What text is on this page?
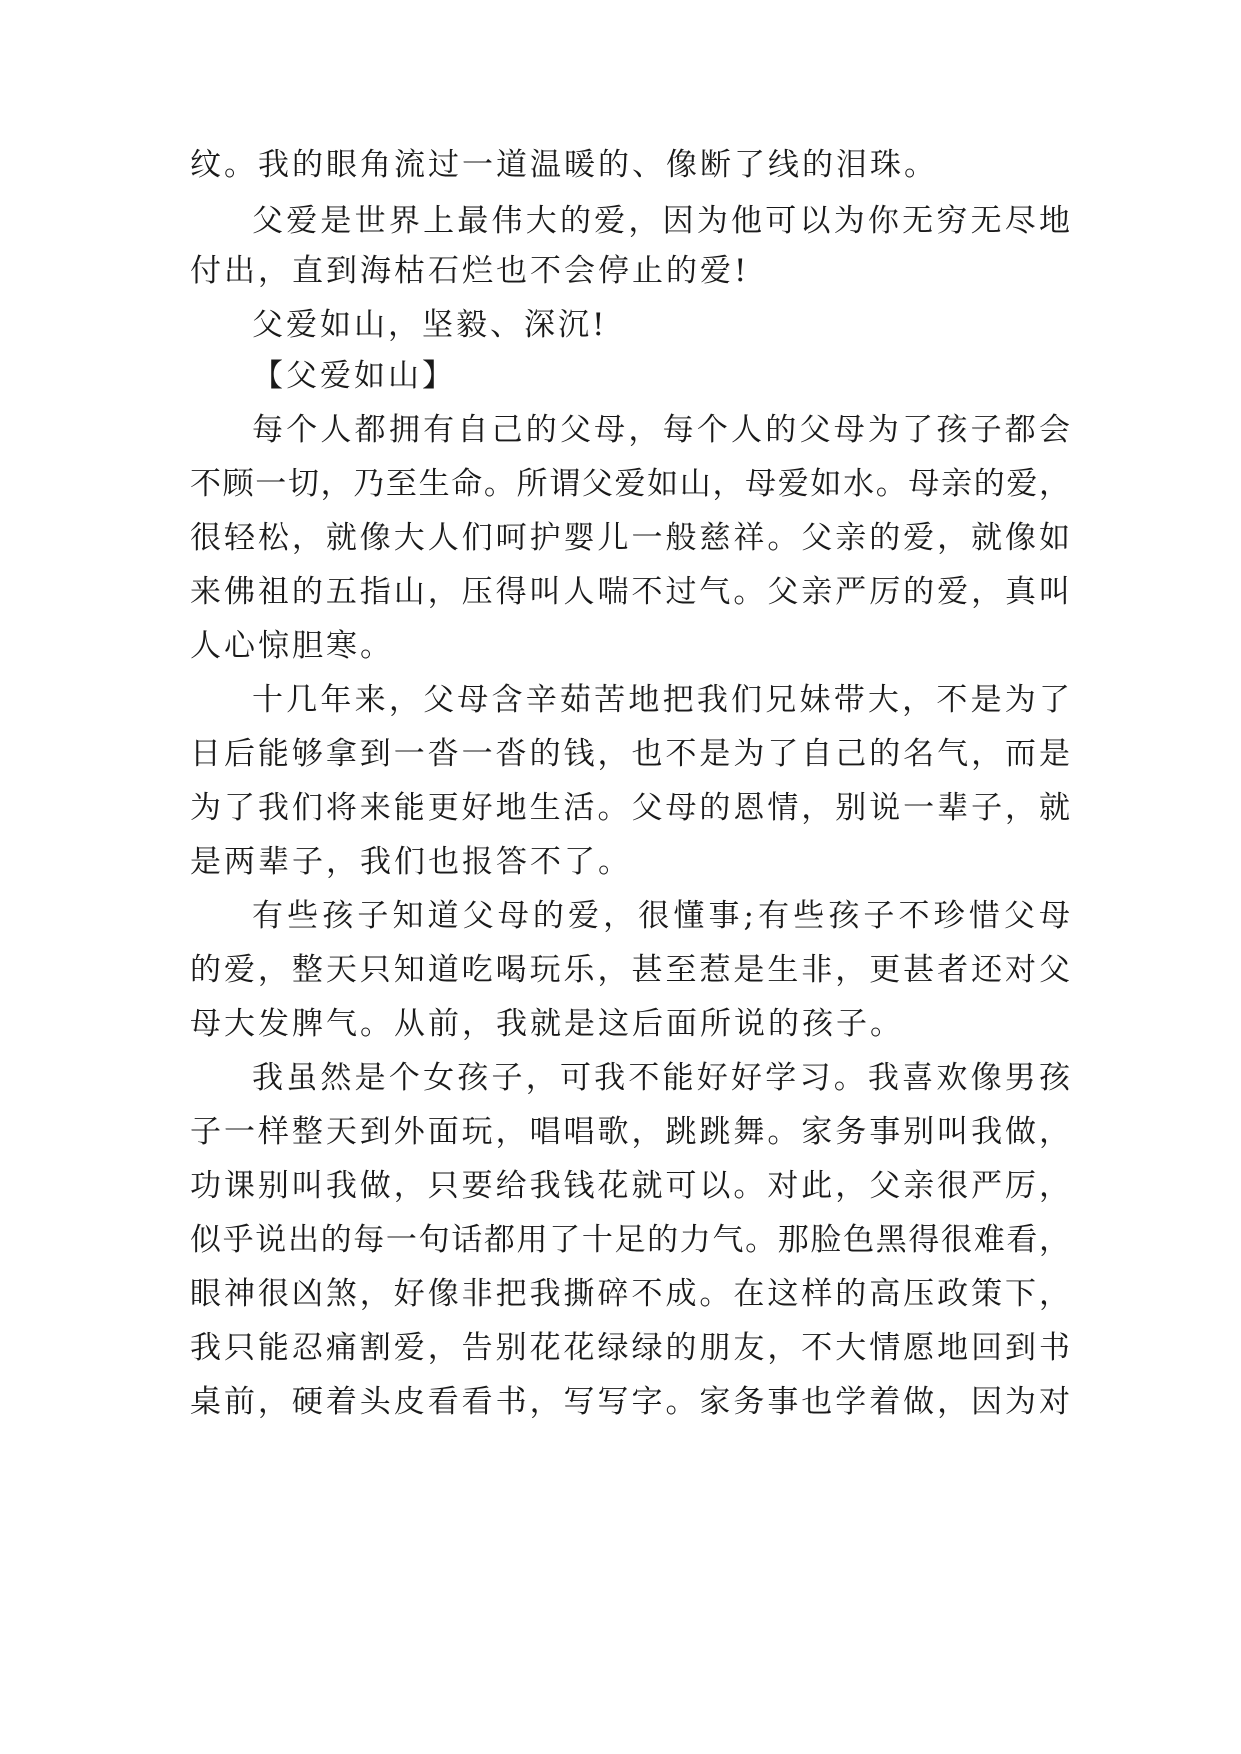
纹。我的眼角流过一道温暖的、像断了线的泪珠。
父爱是世界上最伟大的爱，因为他可以为你无穷无尽地
付出，直到海枯石烂也不会停止的爱!
父爱如山，坚毅、深沉!
【父爱如山】
每个人都拥有自己的父母，每个人的父母为了孩子都会
不顾一切，乃至生命。所谓父爱如山，母爱如水。母亲的爱，
很轻松，就像大人们呵护婴儿一般慈祥。父亲的爱，就像如
来佛祖的五指山，压得叫人喘不过气。父亲严厉的爱，真叫
人心惊胆寒。
十几年来，父母含辛茹苦地把我们兄妹带大，不是为了
日后能够拿到一沓一沓的钱，也不是为了自己的名气，而是
为了我们将来能更好地生活。父母的恩情，别说一辈子，就
是两辈子，我们也报答不了。
有些孩子知道父母的爱，很懂事;有些孩子不珍惜父母
的爱，整天只知道吃喝玩乐，甚至惹是生非，更甚者还对父
母大发脾气。从前，我就是这后面所说的孩子。
我虽然是个女孩子，可我不能好好学习。我喜欢像男孩
子一样整天到外面玩，唱唱歌，跳跳舞。家务事别叫我做，
功课别叫我做，只要给我钱花就可以。对此，父亲很严厉，
似乎说出的每一句话都用了十足的力气。那脸色黑得很难看，
眼神很凶煞，好像非把我撕碎不成。在这样的高压政策下，
我只能忍痛割爱，告别花花绿绿的朋友，不大情愿地回到书
桌前，硬着头皮看看书，写写字。家务事也学着做，因为对
